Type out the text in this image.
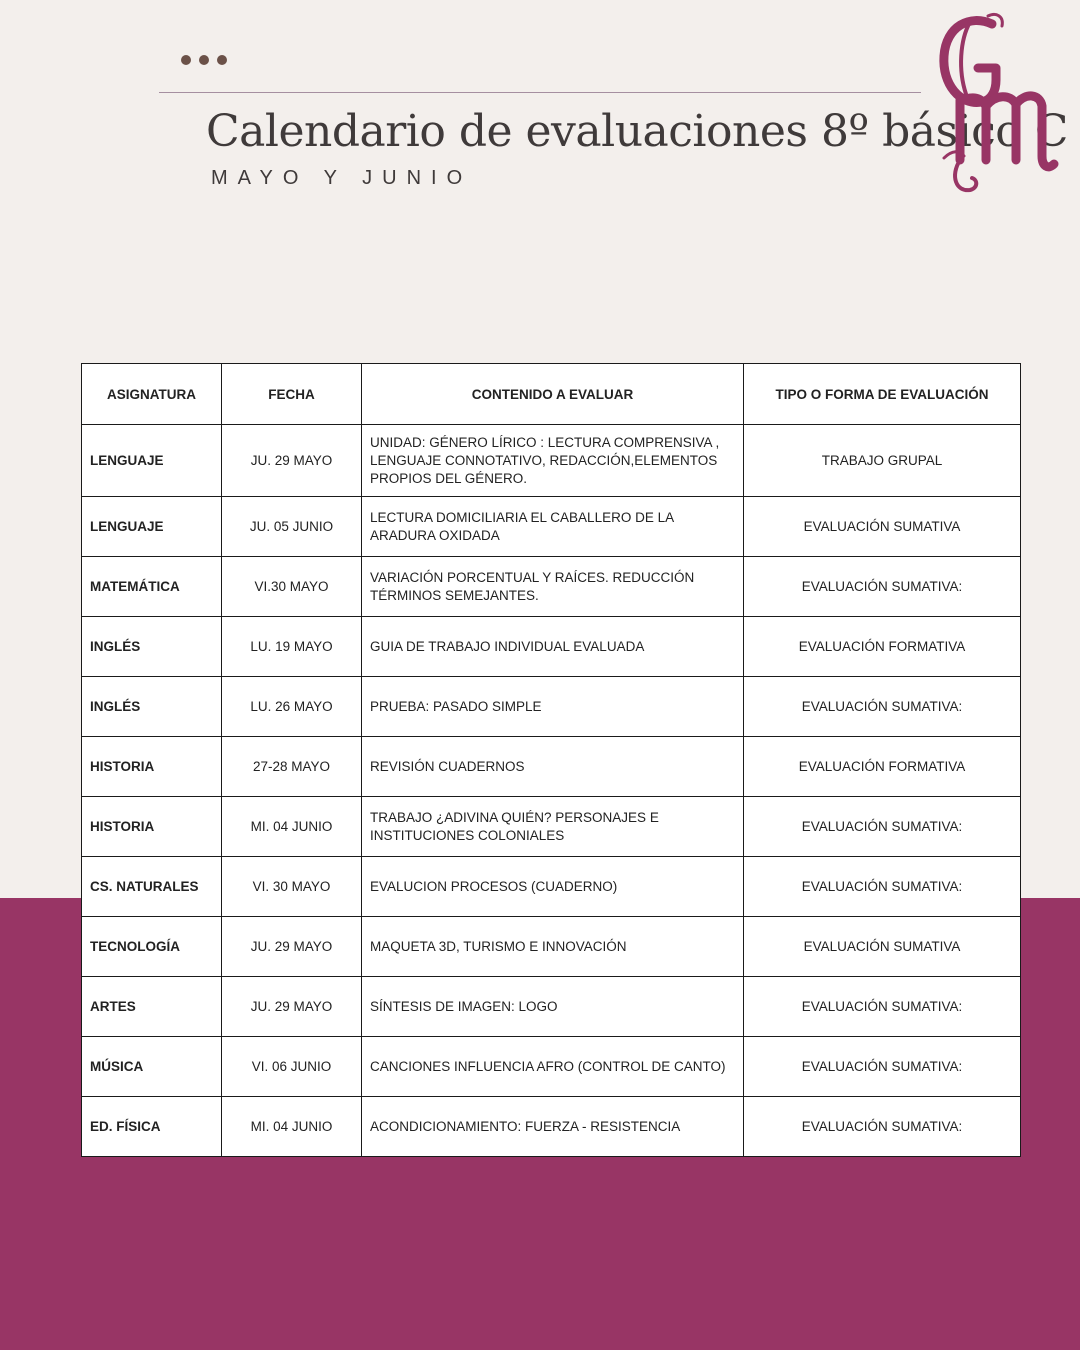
Calendario de evaluaciones 8º básico C
MAYO Y JUNIO
ASIGNATURA	FECHA	CONTENIDO A EVALUAR	TIPO O FORMA DE EVALUACIÓN
LENGUAJE	JU. 29 MAYO	UNIDAD: GÉNERO LÍRICO : LECTURA COMPRENSIVA , LENGUAJE CONNOTATIVO, REDACCIÓN,ELEMENTOS PROPIOS DEL GÉNERO.	TRABAJO GRUPAL
LENGUAJE	JU. 05 JUNIO	LECTURA DOMICILIARIA EL CABALLERO DE LA ARADURA OXIDADA	EVALUACIÓN SUMATIVA
MATEMÁTICA	VI.30 MAYO	VARIACIÓN PORCENTUAL Y RAÍCES. REDUCCIÓN TÉRMINOS SEMEJANTES.	EVALUACIÓN SUMATIVA:
INGLÉS	LU. 19 MAYO	GUIA DE TRABAJO INDIVIDUAL EVALUADA	EVALUACIÓN FORMATIVA
INGLÉS	LU. 26 MAYO	PRUEBA: PASADO SIMPLE	EVALUACIÓN SUMATIVA:
HISTORIA	27-28 MAYO	REVISIÓN CUADERNOS	EVALUACIÓN FORMATIVA
HISTORIA	MI. 04 JUNIO	TRABAJO ¿ADIVINA QUIÉN? PERSONAJES E INSTITUCIONES COLONIALES	EVALUACIÓN SUMATIVA:
CS. NATURALES	VI. 30 MAYO	EVALUCION PROCESOS (CUADERNO)	EVALUACIÓN SUMATIVA:
TECNOLOGÍA	JU. 29 MAYO	MAQUETA 3D, TURISMO E INNOVACIÓN	EVALUACIÓN SUMATIVA
ARTES	JU. 29 MAYO	SÍNTESIS DE IMAGEN: LOGO	EVALUACIÓN SUMATIVA:
MÚSICA	VI. 06 JUNIO	CANCIONES INFLUENCIA AFRO (CONTROL DE CANTO)	EVALUACIÓN SUMATIVA:
ED. FÍSICA	MI. 04 JUNIO	ACONDICIONAMIENTO: FUERZA - RESISTENCIA	EVALUACIÓN SUMATIVA:
